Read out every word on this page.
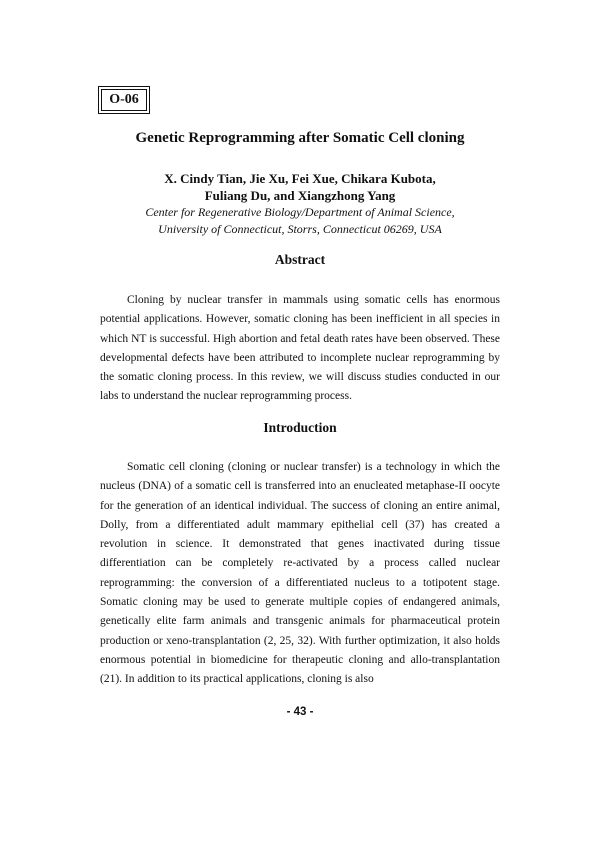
O-06
Genetic Reprogramming after Somatic Cell cloning
X. Cindy Tian, Jie Xu, Fei Xue, Chikara Kubota,
Fuliang Du, and Xiangzhong Yang
Center for Regenerative Biology/Department of Animal Science,
University of Connecticut, Storrs, Connecticut 06269, USA
Abstract

Cloning by nuclear transfer in mammals using somatic cells has enormous potential applications. However, somatic cloning has been inefficient in all species in which NT is successful. High abortion and fetal death rates have been observed. These developmental defects have been attributed to incomplete nuclear reprogramming by the somatic cloning process. In this review, we will discuss studies conducted in our labs to understand the nuclear reprogramming process.

Introduction

Somatic cell cloning (cloning or nuclear transfer) is a technology in which the nucleus (DNA) of a somatic cell is transferred into an enucleated metaphase-II oocyte for the generation of an identical individual. The success of cloning an entire animal, Dolly, from a differentiated adult mammary epithelial cell (37) has created a revolution in science. It demonstrated that genes inactivated during tissue differentiation can be completely re-activated by a process called nuclear reprogramming: the conversion of a differentiated nucleus to a totipotent stage. Somatic cloning may be used to generate multiple copies of endangered animals, genetically elite farm animals and transgenic animals for pharmaceutical protein production or xeno-transplantation (2, 25, 32). With further optimization, it also holds enormous potential in biomedicine for therapeutic cloning and allo-transplantation (21). In addition to its practical applications, cloning is also

- 43 -
